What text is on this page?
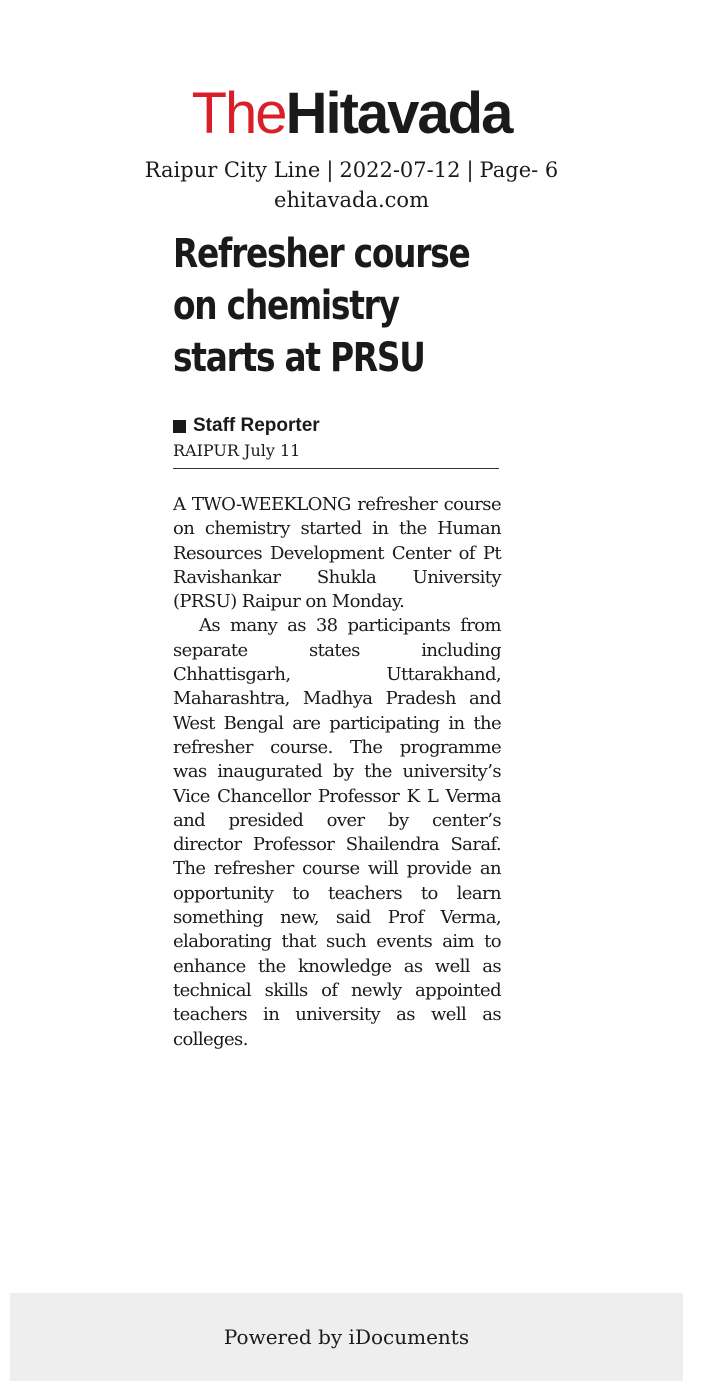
TheHitavada
Raipur City Line | 2022-07-12 | Page- 6
ehitavada.com
Refresher course on chemistry starts at PRSU
Staff Reporter
RAIPUR July 11

A TWO-WEEKLONG refresher course on chemistry started in the Human Resources Development Center of Pt Ravishankar Shukla University (PRSU) Raipur on Monday.

As many as 38 participants from separate states including Chhattisgarh, Uttarakhand, Maharashtra, Madhya Pradesh and West Bengal are participating in the refresher course. The programme was inaugurated by the university’s Vice Chancellor Professor K L Verma and presided over by center’s director Professor Shailendra Saraf. The refresher course will provide an opportunity to teachers to learn something new, said Prof Verma, elaborating that such events aim to enhance the knowledge as well as technical skills of newly appointed teachers in university as well as colleges.

Powered by iDocuments
